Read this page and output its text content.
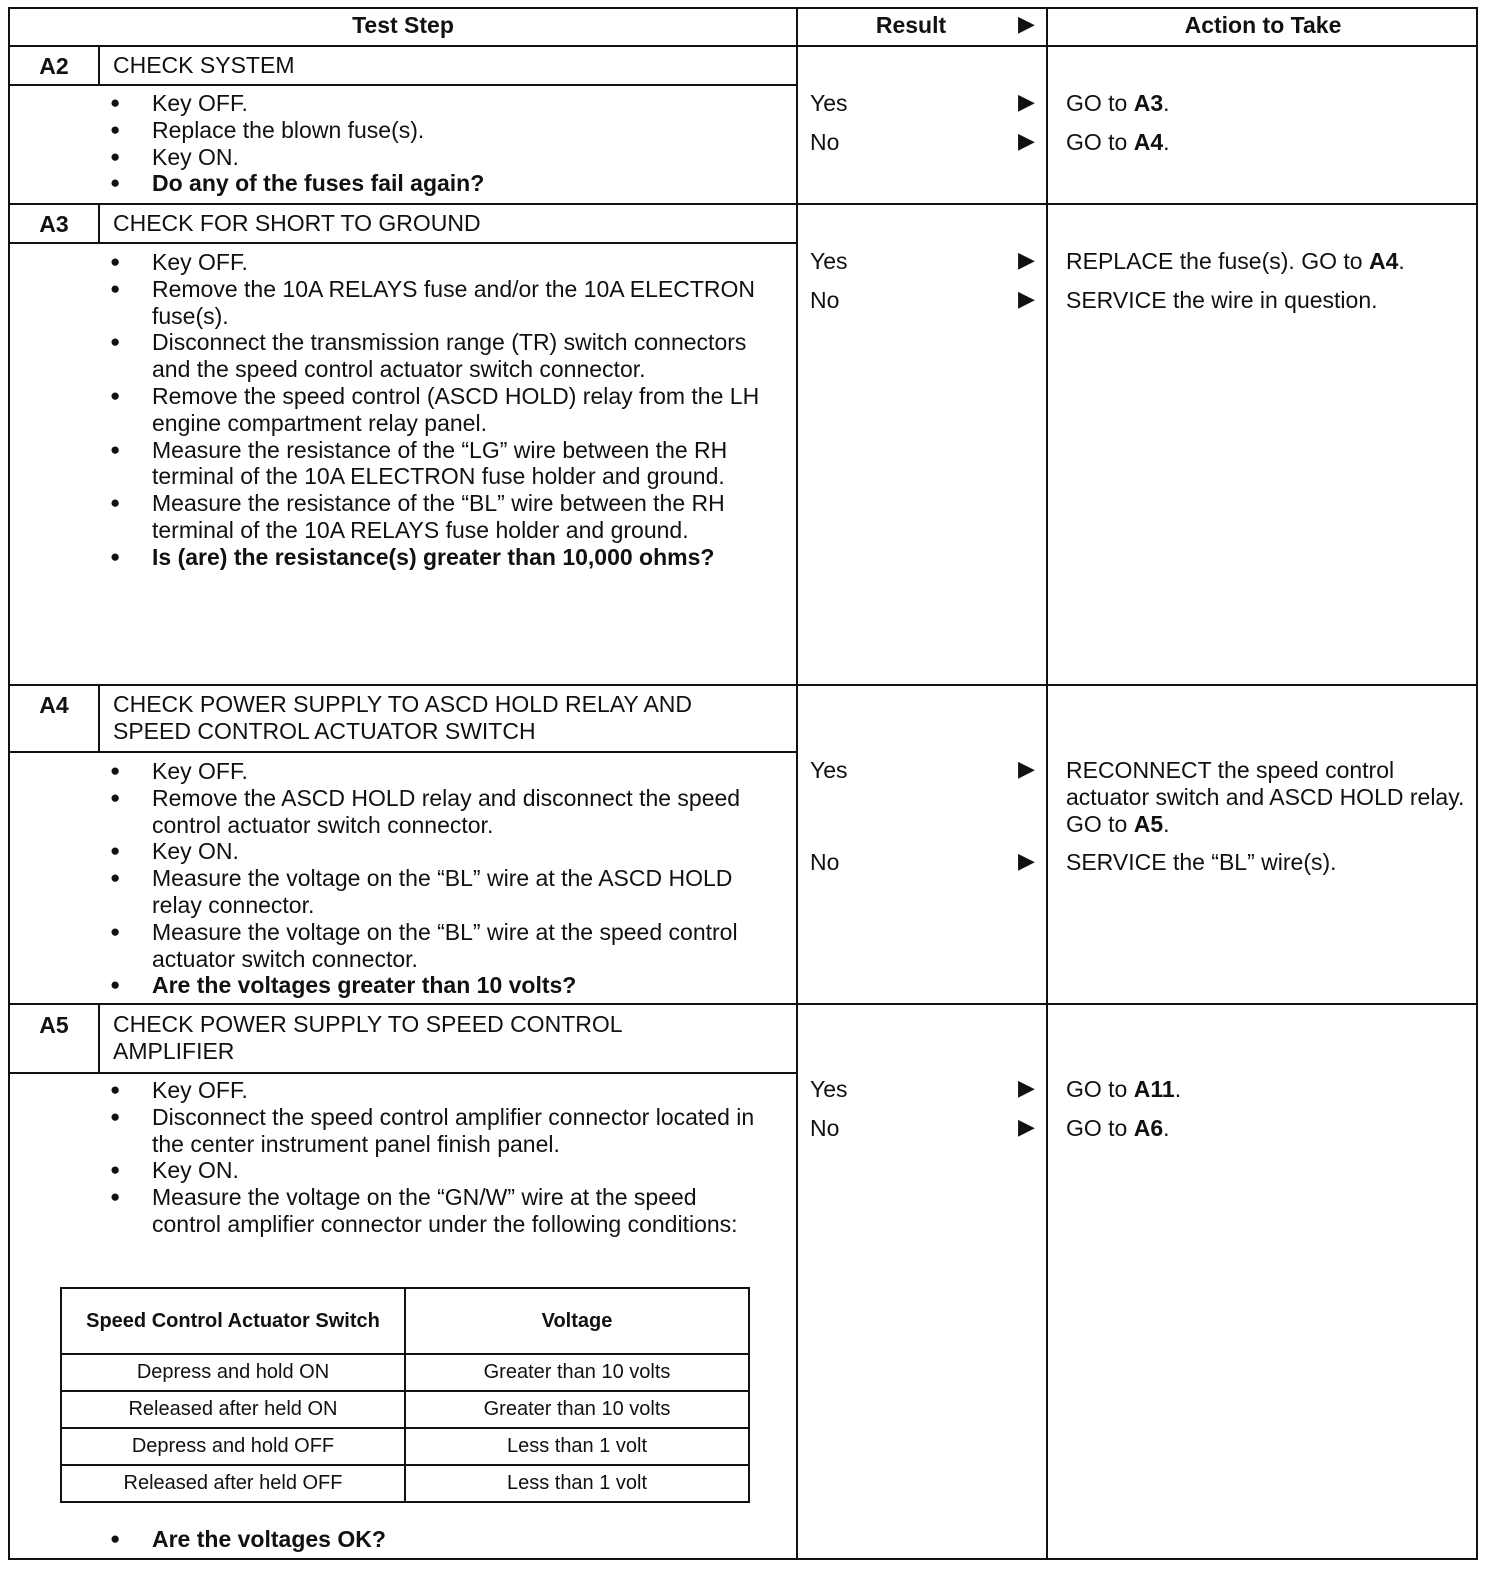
Test Step	Result	▶	Action to Take
A2	CHECK SYSTEM
● Key OFF.
● Replace the blown fuse(s).
● Key ON.
● Do any of the fuses fail again?
Yes	▶ GO to A3.
No	▶ GO to A4.
A3	CHECK FOR SHORT TO GROUND
● Key OFF.
● Remove the 10A RELAYS fuse and/or the 10A ELECTRON fuse(s).
● Disconnect the transmission range (TR) switch connectors and the speed control actuator switch connector.
● Remove the speed control (ASCD HOLD) relay from the LH engine compartment relay panel.
● Measure the resistance of the “LG” wire between the RH terminal of the 10A ELECTRON fuse holder and ground.
● Measure the resistance of the “BL” wire between the RH terminal of the 10A RELAYS fuse holder and ground.
● Is (are) the resistance(s) greater than 10,000 ohms?
Yes	▶ REPLACE the fuse(s). GO to A4.
No	▶ SERVICE the wire in question.
A4	CHECK POWER SUPPLY TO ASCD HOLD RELAY AND SPEED CONTROL ACTUATOR SWITCH
● Key OFF.
● Remove the ASCD HOLD relay and disconnect the speed control actuator switch connector.
● Key ON.
● Measure the voltage on the “BL” wire at the ASCD HOLD relay connector.
● Measure the voltage on the “BL” wire at the speed control actuator switch connector.
● Are the voltages greater than 10 volts?
Yes	▶ RECONNECT the speed control actuator switch and ASCD HOLD relay. GO to A5.
No	▶ SERVICE the “BL” wire(s).
A5	CHECK POWER SUPPLY TO SPEED CONTROL AMPLIFIER
● Key OFF.
● Disconnect the speed control amplifier connector located in the center instrument panel finish panel.
● Key ON.
● Measure the voltage on the “GN/W” wire at the speed control amplifier connector under the following conditions:
Speed Control Actuator Switch	Voltage
Depress and hold ON	Greater than 10 volts
Released after held ON	Greater than 10 volts
Depress and hold OFF	Less than 1 volt
Released after held OFF	Less than 1 volt
● Are the voltages OK?
Yes	▶ GO to A11.
No	▶ GO to A6.
